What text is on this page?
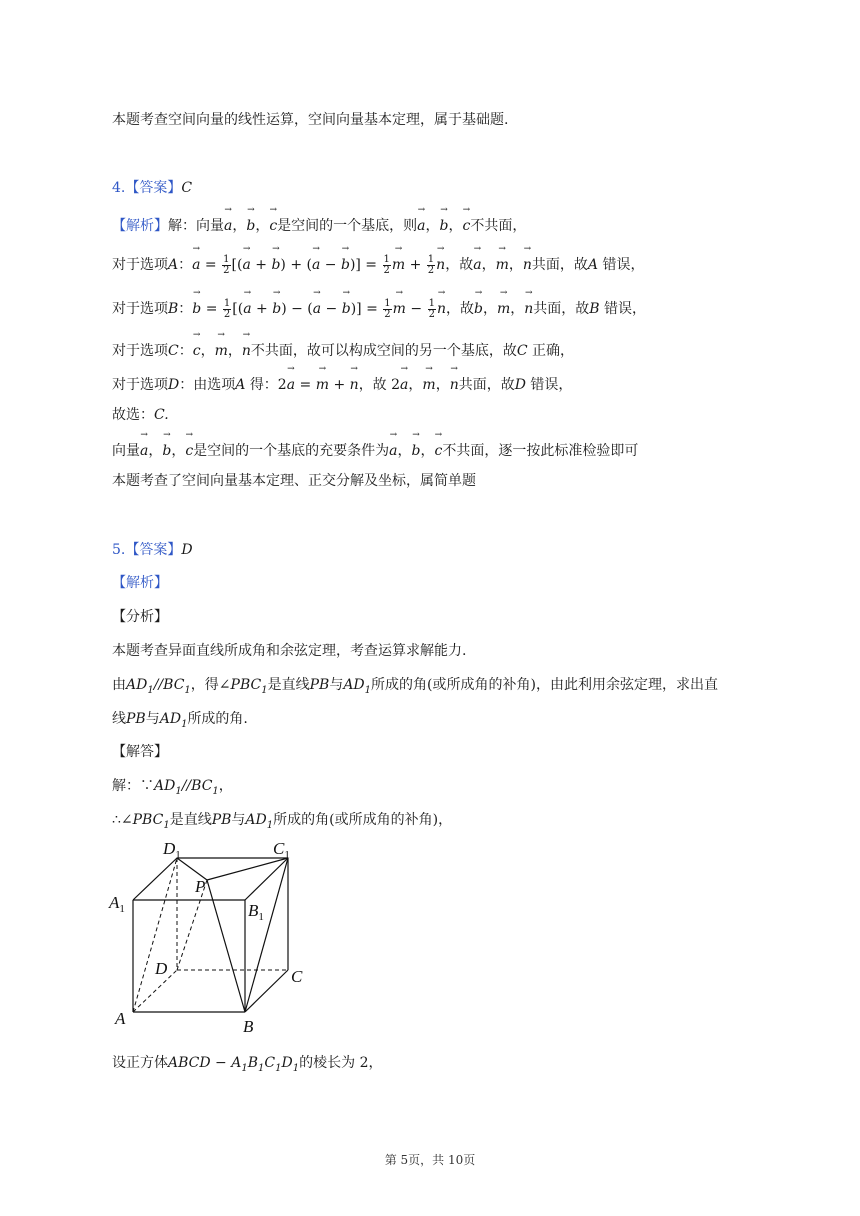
本题考查空间向量的线性运算，空间向量基本定理，属于基础题.
4.【答案】C
【解析】解：向量→ a，→ b，→ c是空间的一个基底，则→ a，→ b，→ c不共面，
对于选项A：→ $a = \frac{1}{2}$ [(→ a + → b) + (→ a − → $b)] = \frac{1}{2}$
→ $m + \frac{1}{2}$
→ n，故→ a，→ m，→ n共面，故A 错误，
对于选项B：→ $b = \frac{1}{2}$ [(→ a + → b) − (→ a − → $b)] = \frac{1}{2}$
→ $m - \frac{1}{2}$
→ n，故→ b，→ m，→ n共面，故B 错误，
对于选项C：→ c，→ m，→ n不共面，故可以构成空间的另一个基底，故C 正确，
对于选项D：由选项A 得：2→ a = → m + → n，故 2→ a，→ m，→ n共面，故D 错误，
故选：C.
向量→ a，→ b，→ c是空间的一个基底的充要条件为→ a，→ b，→ c不共面，逐一按此标准检验即可
本题考查了空间向量基本定理、正交分解及坐标，属简单题
5.【答案】D
【解析】
【分析】
本题考查异面直线所成角和余弦定理，考查运算求解能力.
由$AD_1//BC_1$，得$\angle PBC_1$是直线PB与$AD_1$所成的角(或所成角的补角)，由此利用余弦定理，求出直
线PB与$AD_1$所成的角.
【解答】
解：$\because AD_1//BC_1$，
$\therefore\angle PBC_1$是直线PB与$AD_1$所成的角(或所成角的补角)，
$D_1$	$C_1$
$A_1$	$B_1$
P
D	C
A	B
设正方体ABCD − $A_1B_1C_1D_1$的棱长为 2，
第 5页，共 10页
